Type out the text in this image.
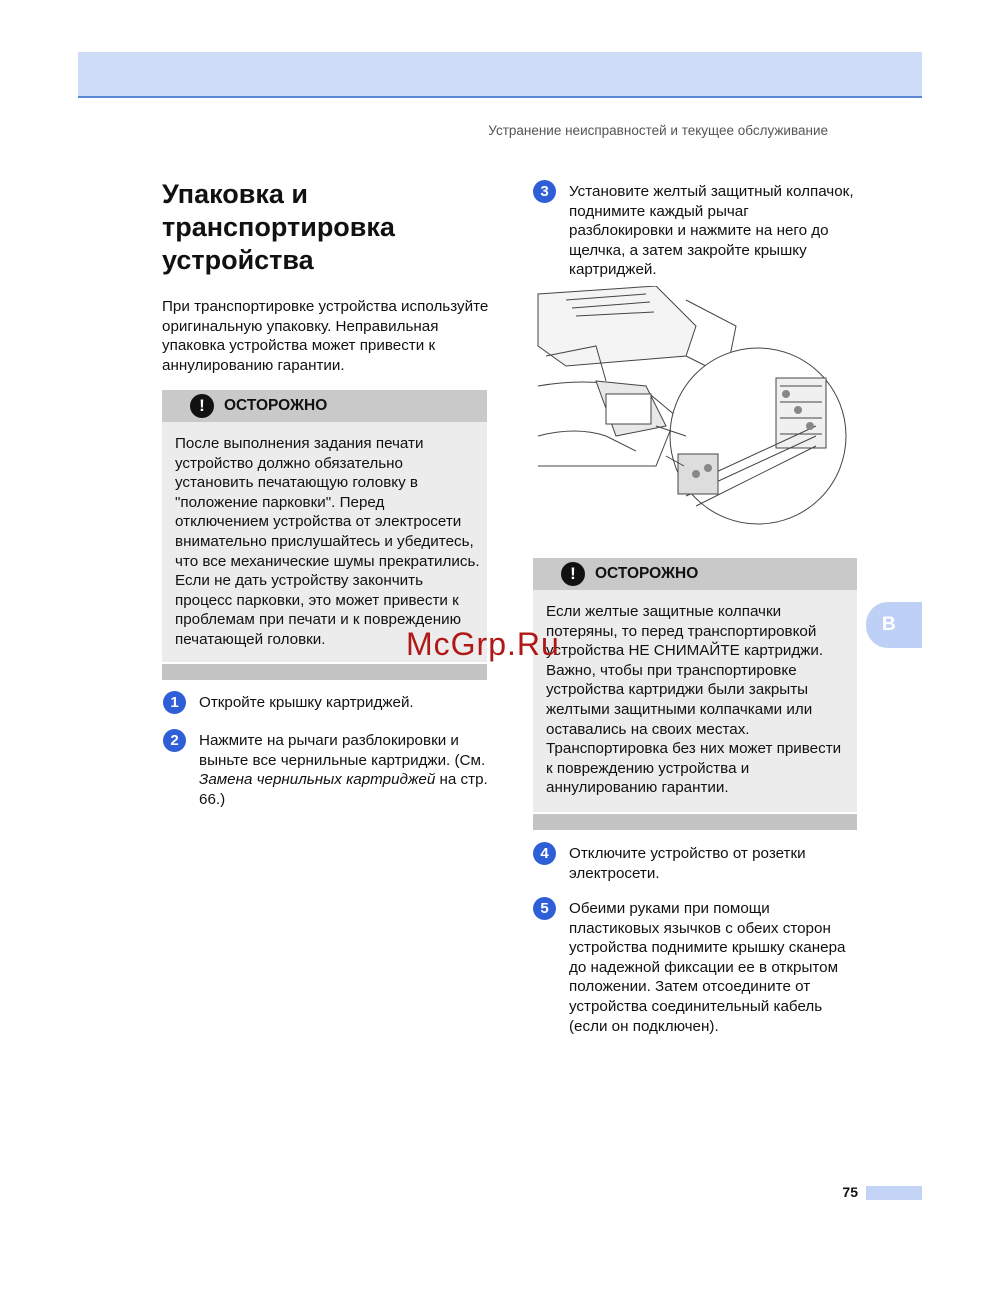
Устранение неисправностей и текущее обслуживание
Упаковка и
транспортировка
устройства

При транспортировке устройства используйте оригинальную упаковку. Неправильная упаковка устройства может привести к аннулированию гарантии.

!	ОСТОРОЖНО

После выполнения задания печати устройство должно обязательно установить печатающую головку в "положение парковки". Перед отключением устройства от электросети внимательно прислушайтесь и убедитесь, что все механические шумы прекратились. Если не дать устройству закончить процесс парковки, это может привести к проблемам при печати и к повреждению печатающей головки.

1	Откройте крышку картриджей.
2	Нажмите на рычаги разблокировки и выньте все чернильные картриджи. (См. Замена чернильных картриджей на стр. 66.)
3	Установите желтый защитный колпачок, поднимите каждый рычаг разблокировки и нажмите на него до щелчка, а затем закройте крышку картриджей.
!	ОСТОРОЖНО

Если желтые защитные колпачки потеряны, то перед транспортировкой устройства НЕ СНИМАЙТЕ картриджи. Важно, чтобы при транспортировке устройства картриджи были закрыты желтыми защитными колпачками или оставались на своих местах. Транспортировка без них может привести к повреждению устройства и аннулированию гарантии.

4	Отключите устройство от розетки электросети.
5	Обеими руками при помощи пластиковых язычков с обеих сторон устройства поднимите крышку сканера до надежной фиксации ее в открытом положении. Затем отсоедините от устройства соединительный кабель (если он подключен).
B
McGrp.Ru
75
